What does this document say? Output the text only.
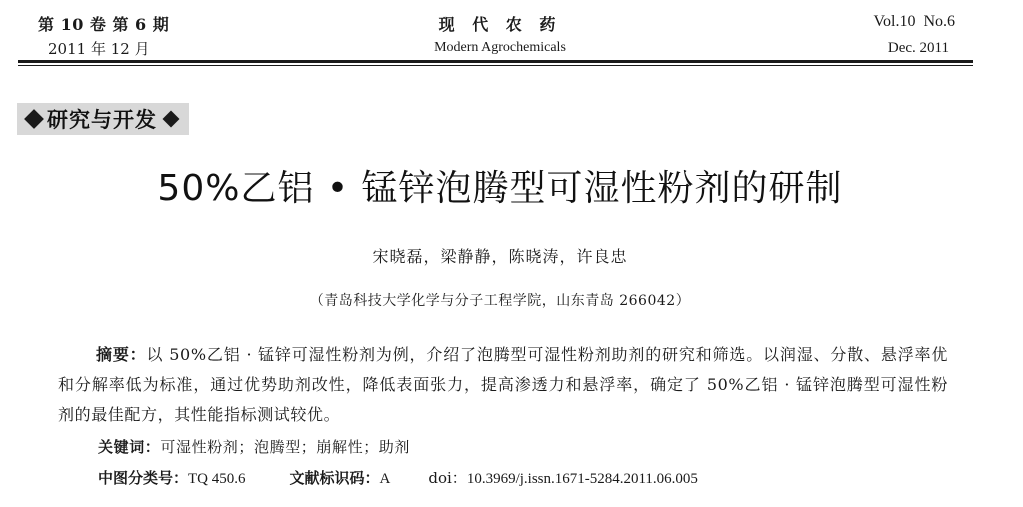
第 10 卷 第 6 期
2011 年 12 月
现 代 农 药
Modern Agrochemicals
Vol.10 No.6
Dec. 2011
研究与开发
50%乙铝 • 锰锌泡腾型可湿性粉剂的研制
宋晓磊，梁静静，陈晓涛，许良忠
（青岛科技大学化学与分子工程学院，山东青岛 266042）
摘要：以 50%乙铝 · 锰锌可湿性粉剂为例，介绍了泡腾型可湿性粉剂助剂的研究和筛选。以润湿、分散、悬浮率优和分解率低为标准，通过优势助剂改性，降低表面张力，提高渗透力和悬浮率，确定了 50%乙铝 · 锰锌泡腾型可湿性粉剂的最佳配方，其性能指标测试较优。
关键词：可湿性粉剂；泡腾型；崩解性；助剂
中图分类号：TQ 450.6	文献标识码：A	doi：10.3969/j.issn.1671-5284.2011.06.005
